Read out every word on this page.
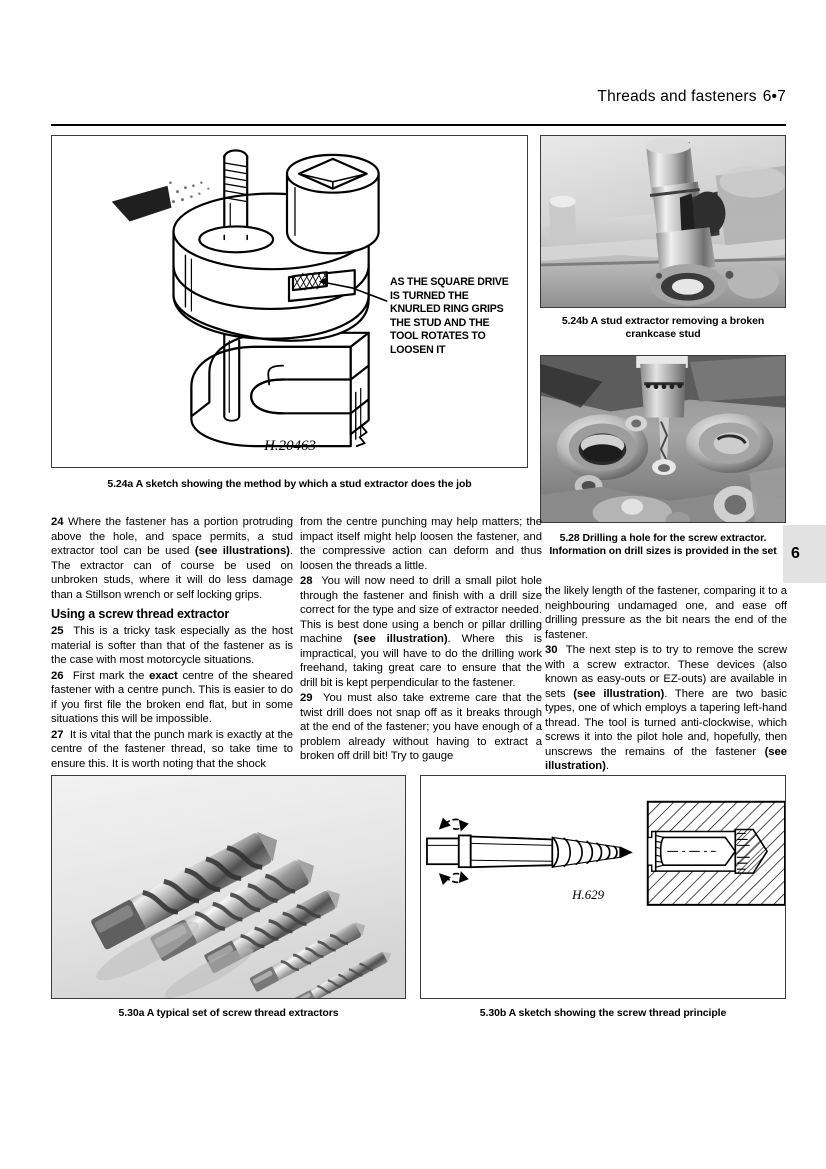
Threads and fasteners 6•7
6
H.20463
AS THE SQUARE DRIVE IS TURNED THE KNURLED RING GRIPS THE STUD AND THE TOOL ROTATES TO LOOSEN IT
5.24a A sketch showing the method by which a stud extractor does the job
5.24b A stud extractor removing a broken crankcase stud
5.28 Drilling a hole for the screw extractor. Information on drill sizes is provided in the set

24 Where the fastener has a portion protruding above the hole, and space permits, a stud extractor tool can be used (see illustrations). The extractor can of course be used on unbroken studs, where it will do less damage than a Stillson wrench or self locking grips.

Using a screw thread extractor

25 This is a tricky task especially as the host material is softer than that of the fastener as is the case with most motorcycle situations.

26 First mark the exact centre of the sheared fastener with a centre punch. This is easier to do if you first file the broken end flat, but in some situations this will be impossible.

27 It is vital that the punch mark is exactly at the centre of the fastener thread, so take time to ensure this. It is worth noting that the shock

from the centre punching may help matters; the impact itself might help loosen the fastener, and the compressive action can deform and thus loosen the threads a little.

28 You will now need to drill a small pilot hole through the fastener and finish with a drill size correct for the type and size of extractor needed. This is best done using a bench or pillar drilling machine (see illustration). Where this is impractical, you will have to do the drilling work freehand, taking great care to ensure that the drill bit is kept perpendicular to the fastener.

29 You must also take extreme care that the twist drill does not snap off as it breaks through at the end of the fastener; you have enough of a problem already without having to extract a broken off drill bit! Try to gauge

the likely length of the fastener, comparing it to a neighbouring undamaged one, and ease off drilling pressure as the bit nears the end of the fastener.

30 The next step is to try to remove the screw with a screw extractor. These devices (also known as easy-outs or EZ-outs) are available in sets (see illustration). There are two basic types, one of which employs a tapering left-hand thread. The tool is turned anti-clockwise, which screws it into the pilot hole and, hopefully, then unscrews the remains of the fastener (see illustration).

5.30a A typical set of screw thread extractors
H.629
5.30b A sketch showing the screw thread principle
